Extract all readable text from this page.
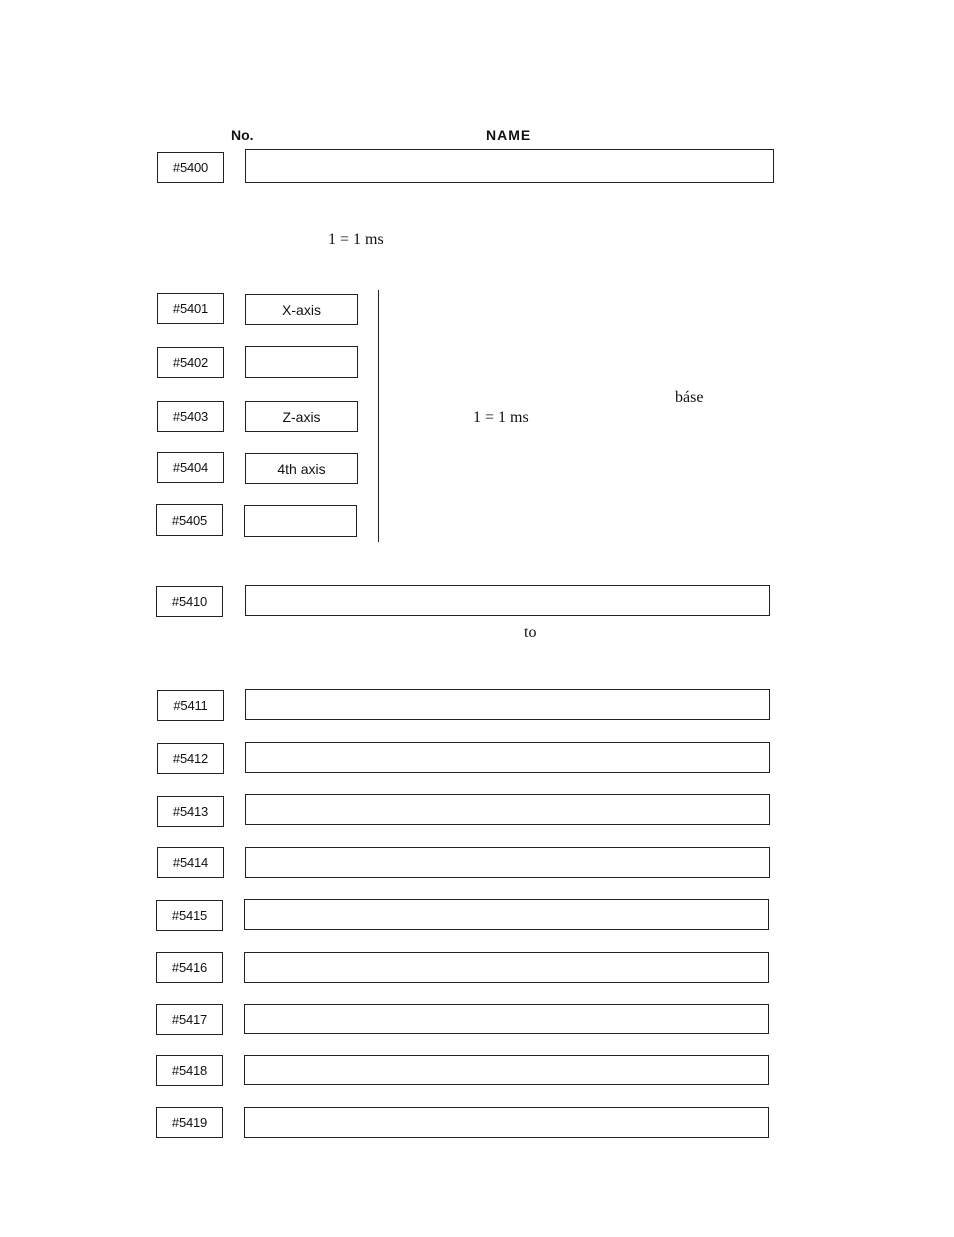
No.	NAME
#5400
1 = 1 ms
#5401	X-axis
#5402
#5403	Z-axis
#5404	4th axis
#5405
báse
1 = 1 ms
#5410
to
#5411
#5412
#5413
#5414
#5415
#5416
#5417
#5418
#5419
